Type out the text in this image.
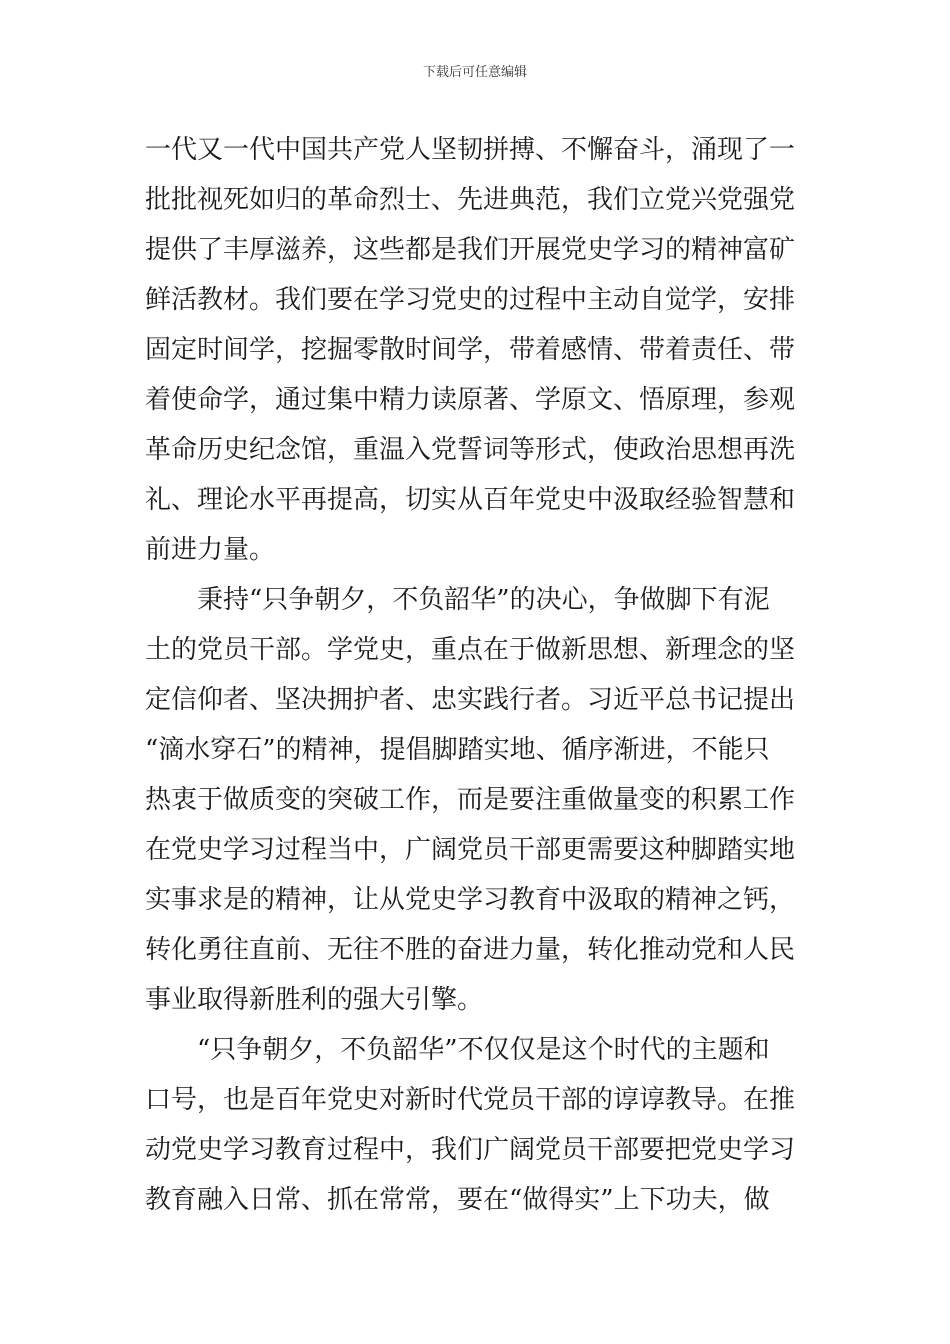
下载后可任意编辑
一代又一代中国共产党人坚韧拼搏、不懈奋斗，涌现了一
批批视死如归的革命烈士、先进典范，我们立党兴党强党
提供了丰厚滋养，这些都是我们开展党史学习的精神富矿
鲜活教材。我们要在学习党史的过程中主动自觉学，安排
固定时间学，挖掘零散时间学，带着感情、带着责任、带
着使命学，通过集中精力读原著、学原文、悟原理，参观
革命历史纪念馆，重温入党誓词等形式，使政治思想再洗
礼、理论水平再提高，切实从百年党史中汲取经验智慧和
前进力量。
秉持“只争朝夕，不负韶华”的决心，争做脚下有泥
土的党员干部。学党史，重点在于做新思想、新理念的坚
定信仰者、坚决拥护者、忠实践行者。习近平总书记提出
“滴水穿石”的精神，提倡脚踏实地、循序渐进，不能只
热衷于做质变的突破工作，而是要注重做量变的积累工作
在党史学习过程当中，广阔党员干部更需要这种脚踏实地
实事求是的精神，让从党史学习教育中汲取的精神之钙，
转化勇往直前、无往不胜的奋进力量，转化推动党和人民
事业取得新胜利的强大引擎。
“只争朝夕，不负韶华”不仅仅是这个时代的主题和
口号，也是百年党史对新时代党员干部的谆谆教导。在推
动党史学习教育过程中，我们广阔党员干部要把党史学习
教育融入日常、抓在常常，要在“做得实”上下功夫，做
